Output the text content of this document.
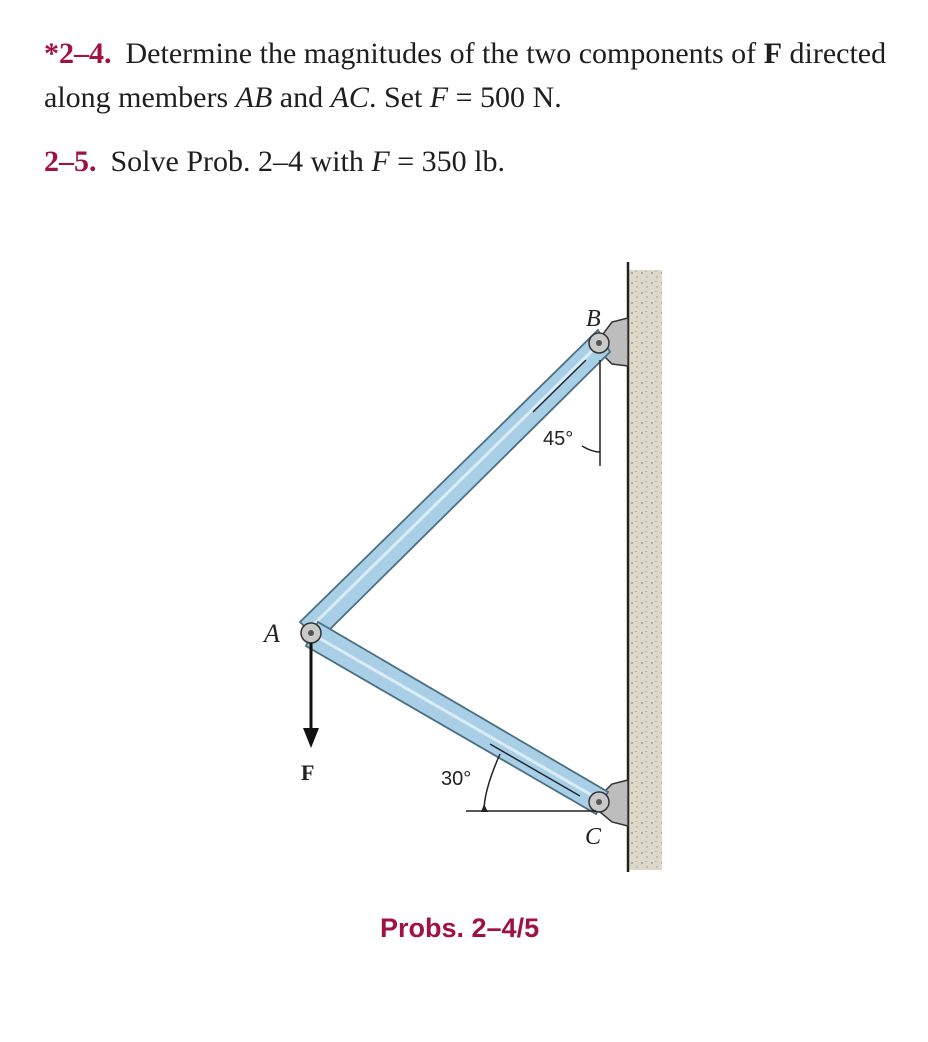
*2–4. Determine the magnitudes of the two components of F directed along members AB and AC. Set F = 500 N.

2–5. Solve Prob. 2–4 with F = 350 lb.

A
B
C
F
45°
30°

Probs. 2–4/5
